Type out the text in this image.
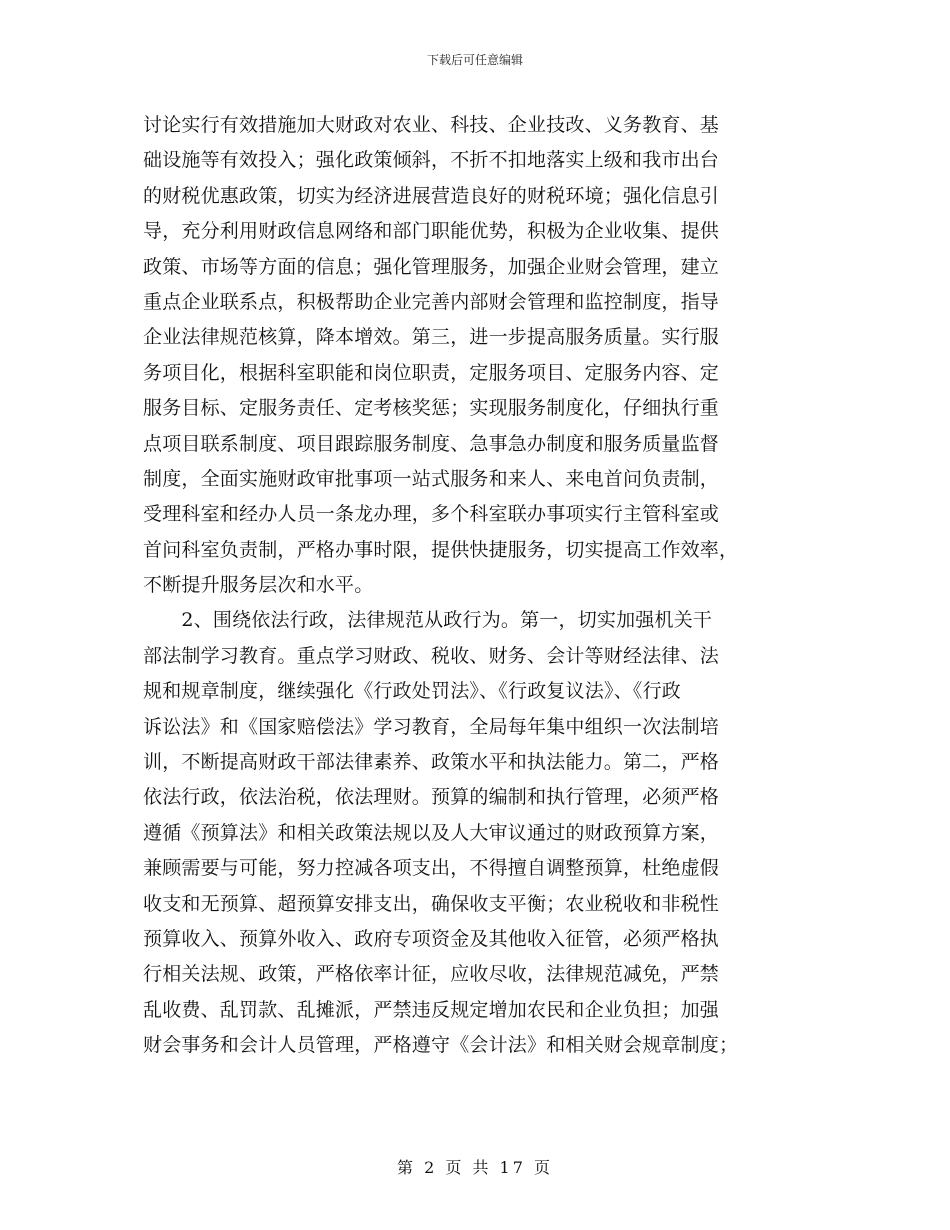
下载后可任意编辑
讨论实行有效措施加大财政对农业、科技、企业技改、义务教育、基
础设施等有效投入；强化政策倾斜，不折不扣地落实上级和我市出台
的财税优惠政策，切实为经济进展营造良好的财税环境；强化信息引
导，充分利用财政信息网络和部门职能优势，积极为企业收集、提供
政策、市场等方面的信息；强化管理服务，加强企业财会管理，建立
重点企业联系点，积极帮助企业完善内部财会管理和监控制度，指导
企业法律规范核算，降本增效。第三，进一步提高服务质量。实行服
务项目化，根据科室职能和岗位职责，定服务项目、定服务内容、定
服务目标、定服务责任、定考核奖惩；实现服务制度化，仔细执行重
点项目联系制度、项目跟踪服务制度、急事急办制度和服务质量监督
制度，全面实施财政审批事项一站式服务和来人、来电首问负责制，
受理科室和经办人员一条龙办理，多个科室联办事项实行主管科室或
首问科室负责制，严格办事时限，提供快捷服务，切实提高工作效率，
不断提升服务层次和水平。
　　2、围绕依法行政，法律规范从政行为。第一，切实加强机关干
部法制学习教育。重点学习财政、税收、财务、会计等财经法律、法
规和规章制度，继续强化《行政处罚法》、《行政复议法》、《行政
诉讼法》和《国家赔偿法》学习教育，全局每年集中组织一次法制培
训，不断提高财政干部法律素养、政策水平和执法能力。第二，严格
依法行政，依法治税，依法理财。预算的编制和执行管理，必须严格
遵循《预算法》和相关政策法规以及人大审议通过的财政预算方案，
兼顾需要与可能，努力控减各项支出，不得擅自调整预算，杜绝虚假
收支和无预算、超预算安排支出，确保收支平衡；农业税收和非税性
预算收入、预算外收入、政府专项资金及其他收入征管，必须严格执
行相关法规、政策，严格依率计征，应收尽收，法律规范减免，严禁
乱收费、乱罚款、乱摊派，严禁违反规定增加农民和企业负担；加强
财会事务和会计人员管理，严格遵守《会计法》和相关财会规章制度；
第 2 页 共 17 页
